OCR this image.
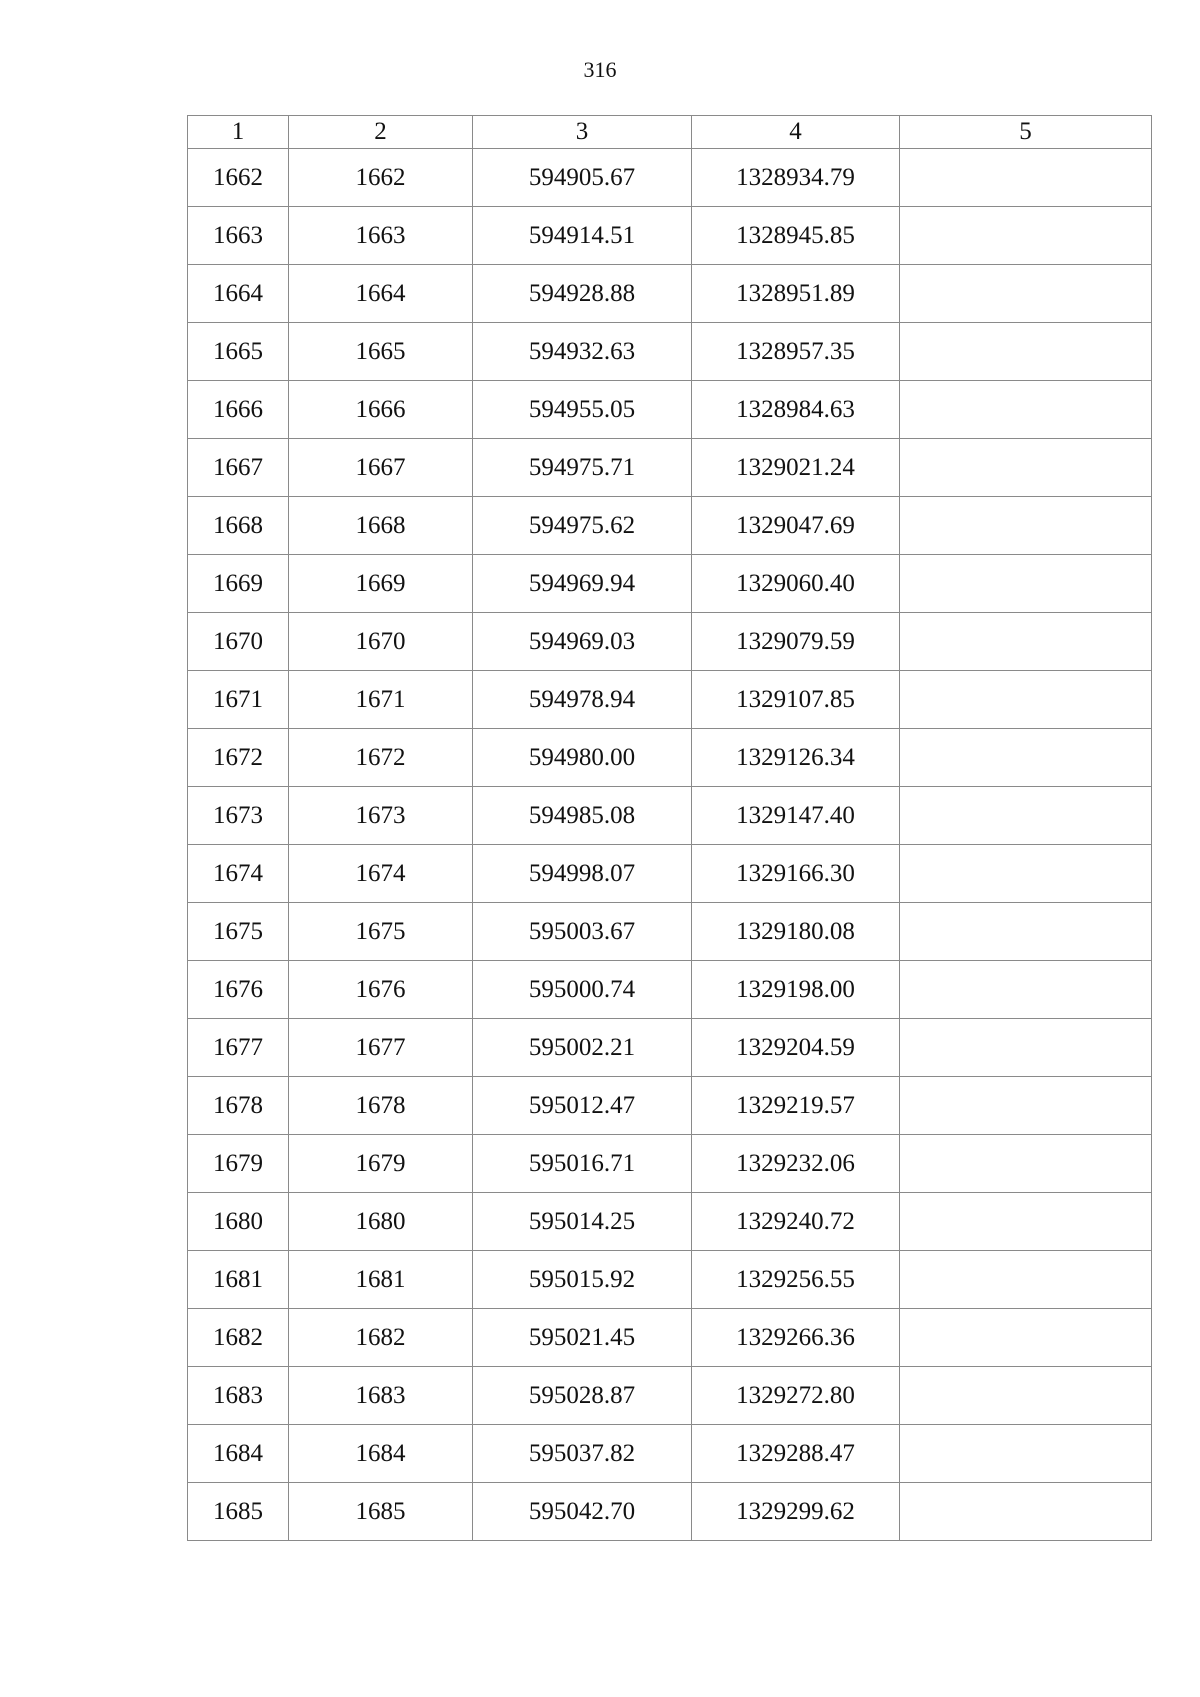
316
1	2	3	4	5
1662	1662	594905.67	1328934.79	
1663	1663	594914.51	1328945.85	
1664	1664	594928.88	1328951.89	
1665	1665	594932.63	1328957.35	
1666	1666	594955.05	1328984.63	
1667	1667	594975.71	1329021.24	
1668	1668	594975.62	1329047.69	
1669	1669	594969.94	1329060.40	
1670	1670	594969.03	1329079.59	
1671	1671	594978.94	1329107.85	
1672	1672	594980.00	1329126.34	
1673	1673	594985.08	1329147.40	
1674	1674	594998.07	1329166.30	
1675	1675	595003.67	1329180.08	
1676	1676	595000.74	1329198.00	
1677	1677	595002.21	1329204.59	
1678	1678	595012.47	1329219.57	
1679	1679	595016.71	1329232.06	
1680	1680	595014.25	1329240.72	
1681	1681	595015.92	1329256.55	
1682	1682	595021.45	1329266.36	
1683	1683	595028.87	1329272.80	
1684	1684	595037.82	1329288.47	
1685	1685	595042.70	1329299.62	
